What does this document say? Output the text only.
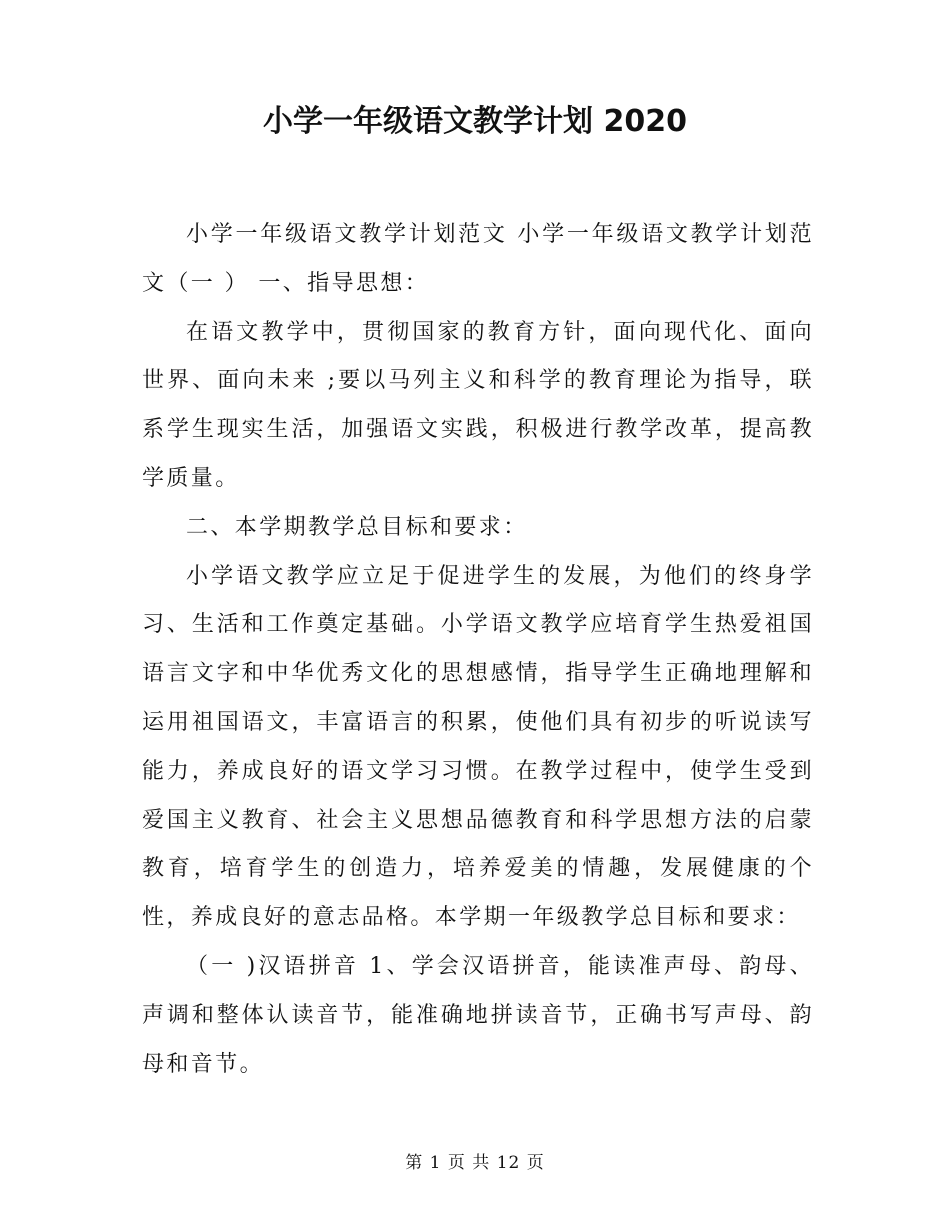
小学一年级语文教学计划 2020

小学一年级语文教学计划范文 小学一年级语文教学计划范文（一 ） 一、指导思想：

在语文教学中，贯彻国家的教育方针，面向现代化、面向世界、面向未来 ;要以马列主义和科学的教育理论为指导，联系学生现实生活，加强语文实践，积极进行教学改革，提高教学质量。

二、本学期教学总目标和要求：

小学语文教学应立足于促进学生的发展，为他们的终身学习、生活和工作奠定基础。小学语文教学应培育学生热爱祖国语言文字和中华优秀文化的思想感情，指导学生正确地理解和运用祖国语文，丰富语言的积累，使他们具有初步的听说读写能力，养成良好的语文学习习惯。在教学过程中，使学生受到爱国主义教育、社会主义思想品德教育和科学思想方法的启蒙教育，培育学生的创造力，培养爱美的情趣，发展健康的个性，养成良好的意志品格。本学期一年级教学总目标和要求：

（一 )汉语拼音 1、学会汉语拼音，能读准声母、韵母、声调和整体认读音节，能准确地拼读音节，正确书写声母、韵母和音节。

第 1 页 共 12 页
